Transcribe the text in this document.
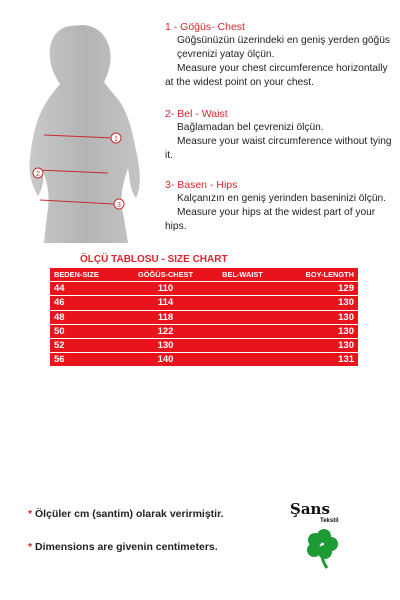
1
2
3
1 - Göğüs- Chest
Göğsünüzün üzerindeki en geniş yerden göğüs çevrenizi yatay ölçün.
Measure your chest circumference horizontally at the widest point on your chest.
2- Bel - Waist
Bağlamadan bel çevrenizi ölçün.
Measure your waist circumference without tying it.
3- Basen - Hips
Kalçanızın en geniş yerinden baseninizi ölçün.
Measure your hips at the widest part of your hips.
ÖLÇÜ TABLOSU - SIZE CHART
BEDEN-SIZE	GÖĞÜS-CHEST	BEL-WAIST	BOY-LENGTH
44	110		129
46	114		130
48	118		130
50	122		130
52	130		130
56	140		131
* Ölçüler cm (santim) olarak verirmiştir.
* Dimensions are givenin centimeters.
Şans
Tekstil
